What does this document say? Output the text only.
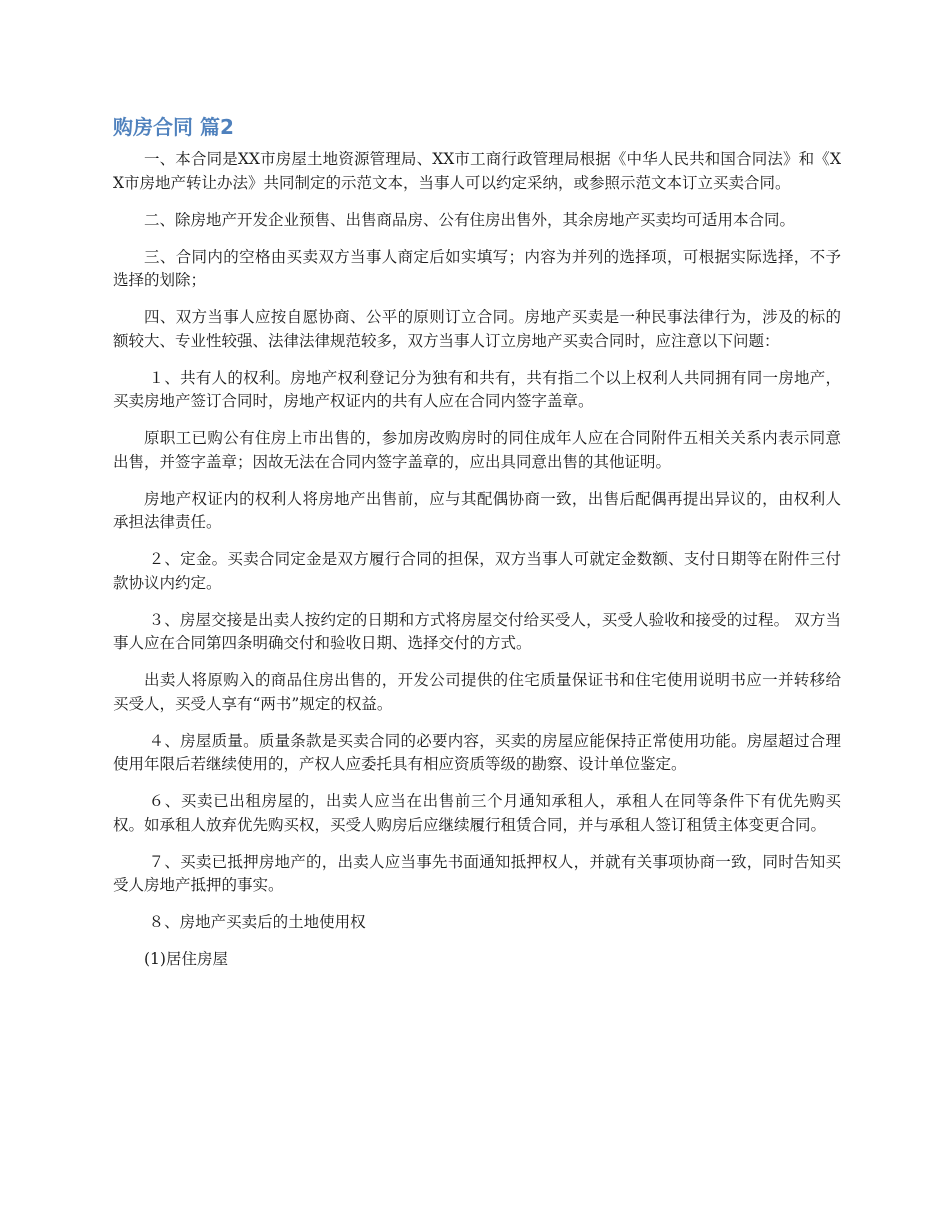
购房合同 篇2

一、本合同是XX市房屋土地资源管理局、XX市工商行政管理局根据《中华人民共和国合同法》和《XX市房地产转让办法》共同制定的示范文本，当事人可以约定采纳，或参照示范文本订立买卖合同。

二、除房地产开发企业预售、出售商品房、公有住房出售外，其余房地产买卖均可适用本合同。

三、合同内的空格由买卖双方当事人商定后如实填写；内容为并列的选择项，可根据实际选择，不予选择的划除；

四、双方当事人应按自愿协商、公平的原则订立合同。房地产买卖是一种民事法律行为，涉及的标的额较大、专业性较强、法律法律规范较多，双方当事人订立房地产买卖合同时，应注意以下问题：

１、共有人的权利。房地产权利登记分为独有和共有，共有指二个以上权利人共同拥有同一房地产，买卖房地产签订合同时，房地产权证内的共有人应在合同内签字盖章。

原职工已购公有住房上市出售的，参加房改购房时的同住成年人应在合同附件五相关关系内表示同意出售，并签字盖章；因故无法在合同内签字盖章的，应出具同意出售的其他证明。

房地产权证内的权利人将房地产出售前，应与其配偶协商一致，出售后配偶再提出异议的，由权利人承担法律责任。

２、定金。买卖合同定金是双方履行合同的担保，双方当事人可就定金数额、支付日期等在附件三付款协议内约定。

３、房屋交接是出卖人按约定的日期和方式将房屋交付给买受人，买受人验收和接受的过程。 双方当事人应在合同第四条明确交付和验收日期、选择交付的方式。

出卖人将原购入的商品住房出售的，开发公司提供的住宅质量保证书和住宅使用说明书应一并转移给买受人，买受人享有“两书”规定的权益。

４、房屋质量。质量条款是买卖合同的必要内容，买卖的房屋应能保持正常使用功能。房屋超过合理使用年限后若继续使用的，产权人应委托具有相应资质等级的勘察、设计单位鉴定。

６、买卖已出租房屋的，出卖人应当在出售前三个月通知承租人，承租人在同等条件下有优先购买权。如承租人放弃优先购买权，买受人购房后应继续履行租赁合同，并与承租人签订租赁主体变更合同。

７、买卖已抵押房地产的，出卖人应当事先书面通知抵押权人，并就有关事项协商一致，同时告知买受人房地产抵押的事实。

８、房地产买卖后的土地使用权

(1)居住房屋
